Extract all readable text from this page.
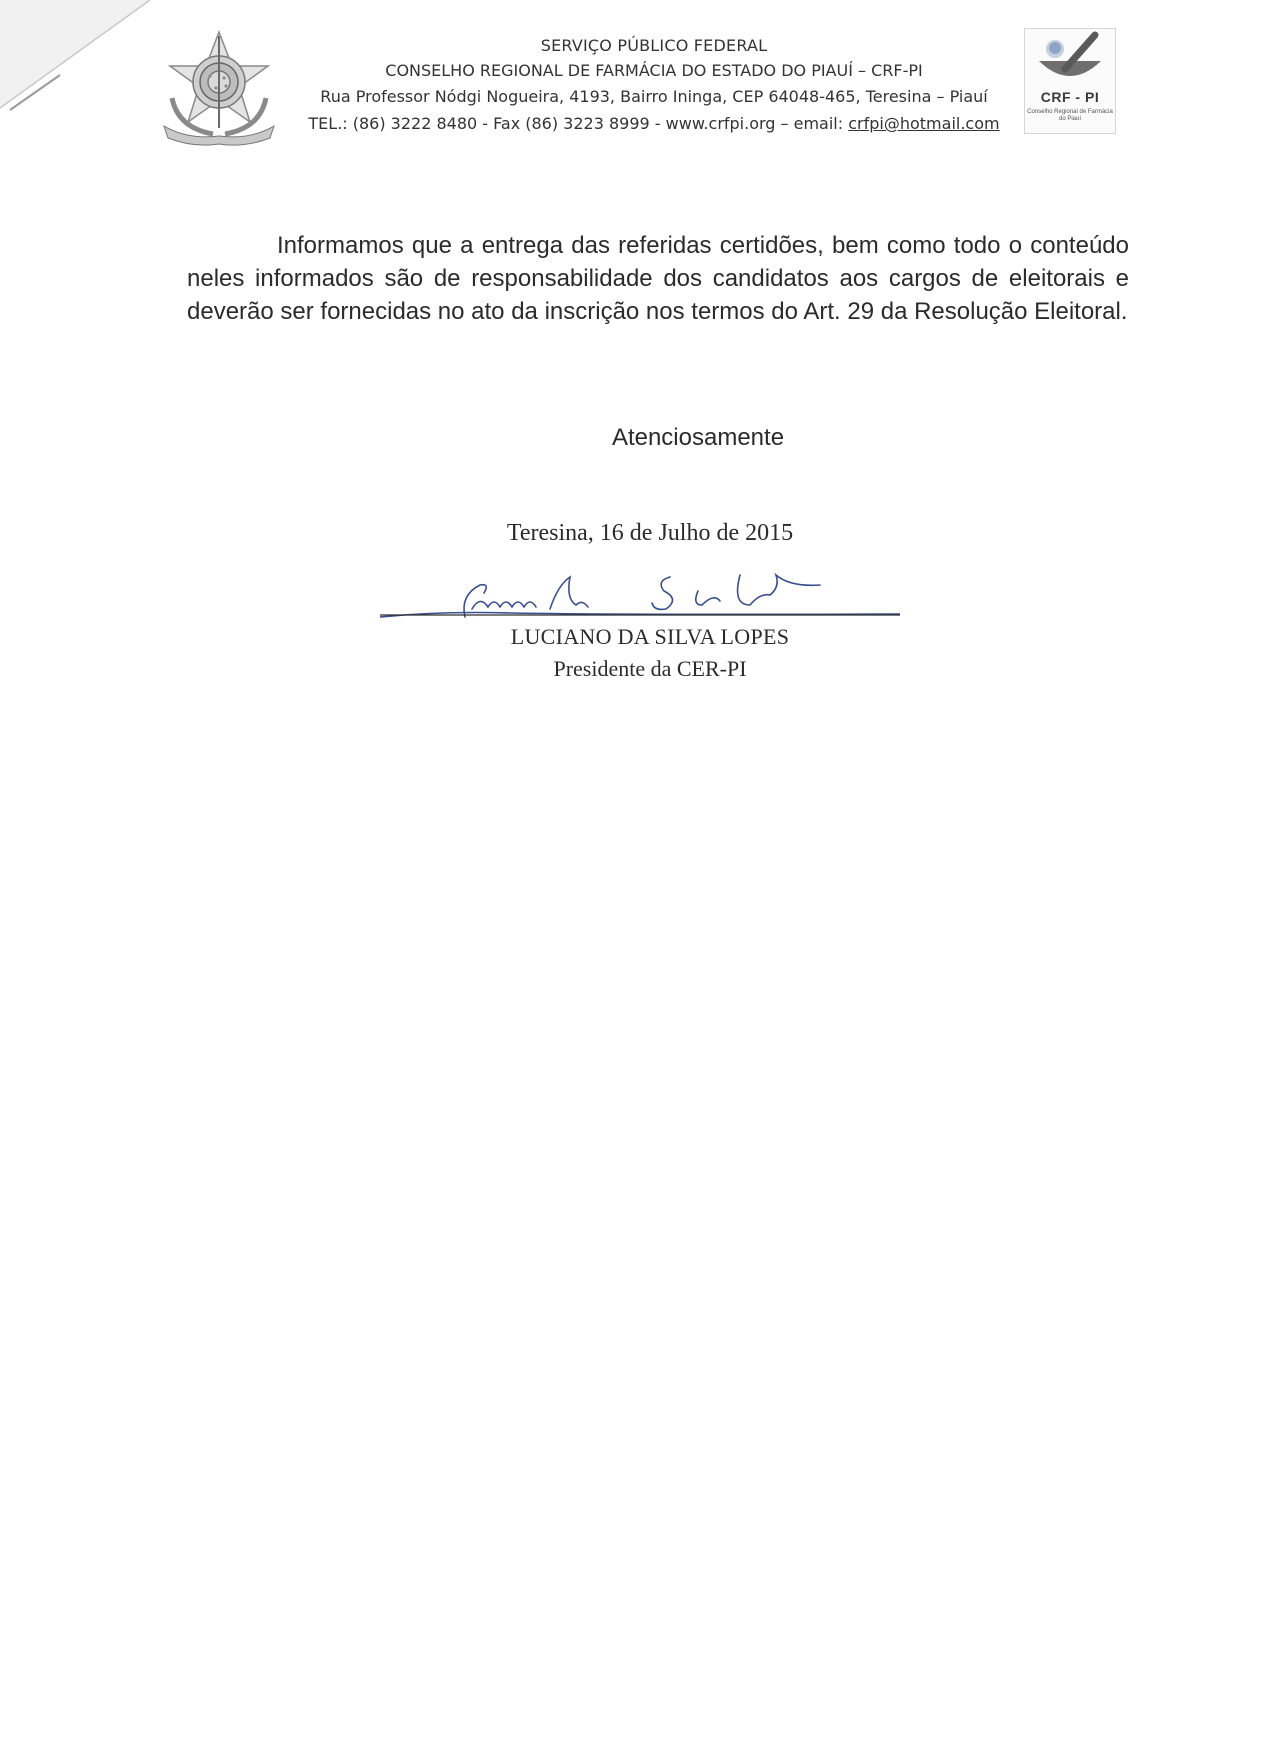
SERVIÇO PÚBLICO FEDERAL
CONSELHO REGIONAL DE FARMÁCIA DO ESTADO DO PIAUÍ – CRF-PI
Rua Professor Nódgi Nogueira, 4193, Bairro Ininga, CEP 64048-465, Teresina – Piauí
TEL.: (86) 3222 8480 - Fax (86) 3223 8999 - www.crfpi.org – email: crfpi@hotmail.com
CRF - PI
Conselho Regional de Farmácia do Piauí

Informamos que a entrega das referidas certidões, bem como todo o conteúdo neles informados são de responsabilidade dos candidatos aos cargos de eleitorais e deverão ser fornecidas no ato da inscrição nos termos do Art. 29 da Resolução Eleitoral.

Atenciosamente
Teresina, 16 de Julho de 2015
LUCIANO DA SILVA LOPES
Presidente da CER-PI
